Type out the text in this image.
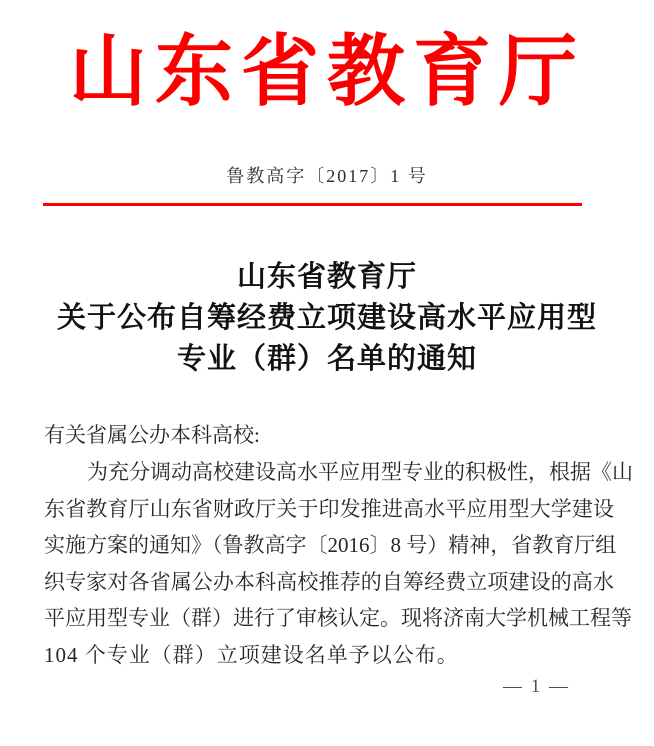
山东省教育厅
鲁教高字〔2017〕1 号
山东省教育厅
关于公布自筹经费立项建设高水平应用型
专业（群）名单的通知
有关省属公办本科高校:
为充分调动高校建设高水平应用型专业的积极性，根据《山
东省教育厅山东省财政厅关于印发推进高水平应用型大学建设
实施方案的通知》（鲁教高字〔2016〕8 号）精神，省教育厅组
织专家对各省属公办本科高校推荐的自筹经费立项建设的高水
平应用型专业（群）进行了审核认定。现将济南大学机械工程等
104 个专业（群）立项建设名单予以公布。
— 1 —
